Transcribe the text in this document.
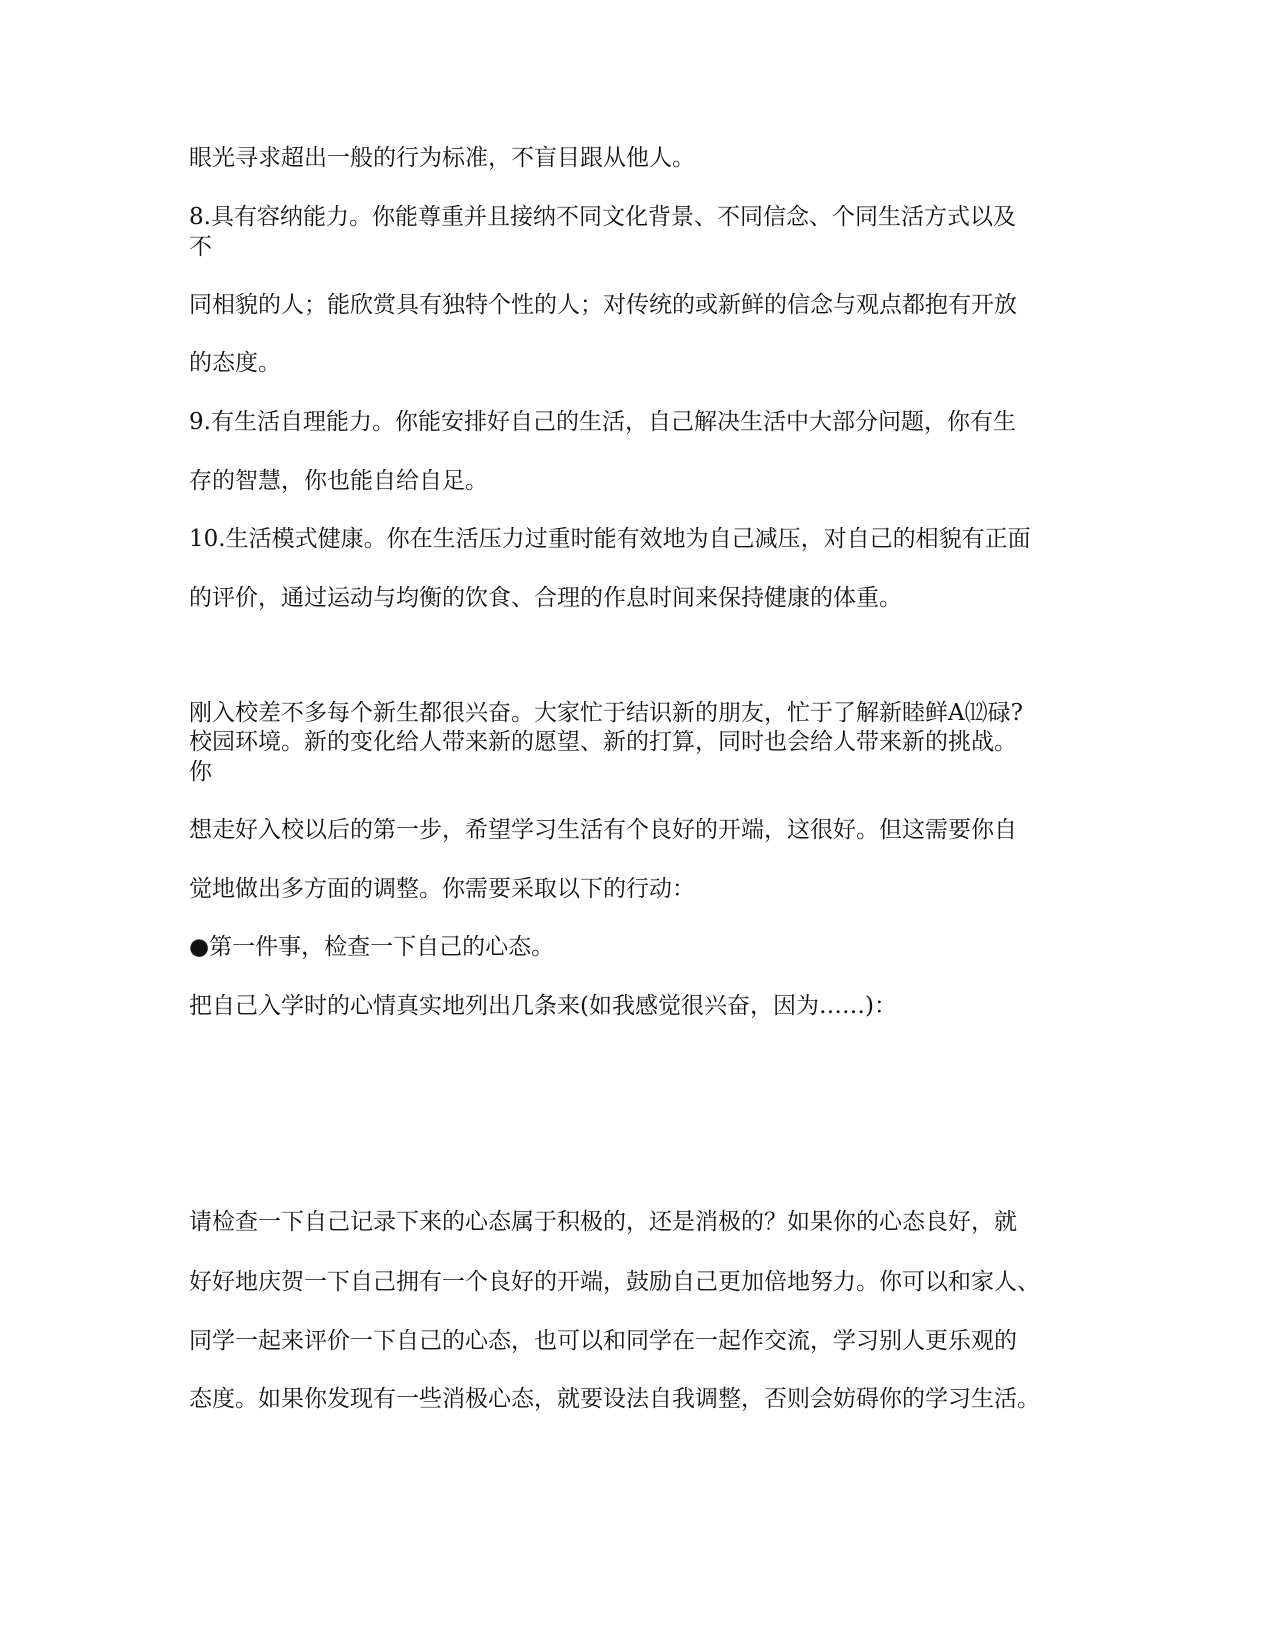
眼光寻求超出一般的行为标准，不盲目跟从他人。
8.具有容纳能力。你能尊重并且接纳不同文化背景、不同信念、个同生活方式以及
不
同相貌的人；能欣赏具有独特个性的人；对传统的或新鲜的信念与观点都抱有开放
的态度。
9.有生活自理能力。你能安排好自己的生活，自己解决生活中大部分问题，你有生
存的智慧，你也能自给自足。
10.生活模式健康。你在生活压力过重时能有效地为自己减压，对自己的相貌有正面
的评价，通过运动与均衡的饮食、合理的作息时间来保持健康的体重。
刚入校差不多每个新生都很兴奋。大家忙于结识新的朋友，忙于了解新睦鲜A⑿碌?
校园环境。新的变化给人带来新的愿望、新的打算，同时也会给人带来新的挑战。
你
想走好入校以后的第一步，希望学习生活有个良好的开端，这很好。但这需要你自
觉地做出多方面的调整。你需要采取以下的行动：
●第一件事，检查一下自己的心态。
把自己入学时的心情真实地列出几条来(如我感觉很兴奋，因为……)：
请检查一下自己记录下来的心态属于积极的，还是消极的？如果你的心态良好，就
好好地庆贺一下自己拥有一个良好的开端，鼓励自己更加倍地努力。你可以和家人、
同学一起来评价一下自己的心态，也可以和同学在一起作交流，学习别人更乐观的
态度。如果你发现有一些消极心态，就要设法自我调整，否则会妨碍你的学习生活。
